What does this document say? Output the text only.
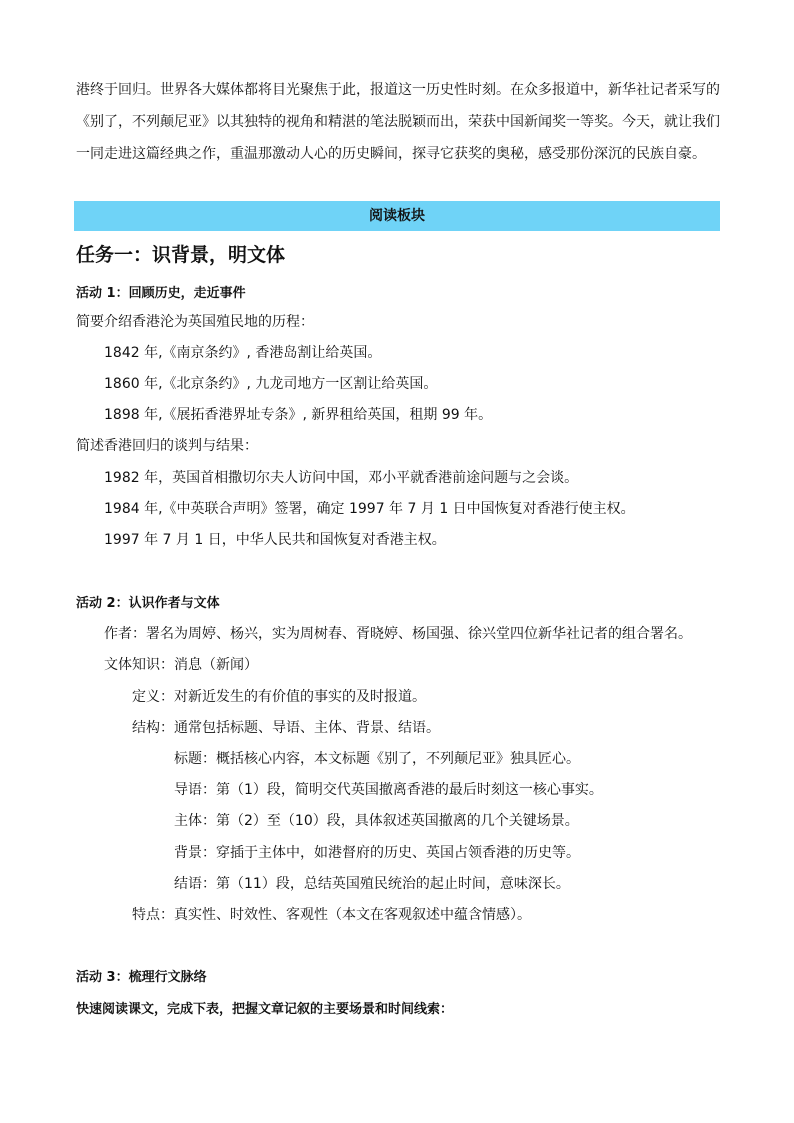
港终于回归。世界各大媒体都将目光聚焦于此，报道这一历史性时刻。在众多报道中，新华社记者采写的

《别了，不列颠尼亚》以其独特的视角和精湛的笔法脱颖而出，荣获中国新闻奖一等奖。今天，就让我们

一同走进这篇经典之作，重温那激动人心的历史瞬间，探寻它获奖的奥秘，感受那份深沉的民族自豪。

阅读板块
任务一：识背景，明文体
活动 1：回顾历史，走近事件
简要介绍香港沦为英国殖民地的历程：
1842 年,《南京条约》, 香港岛割让给英国。
1860 年,《北京条约》, 九龙司地方一区割让给英国。
1898 年,《展拓香港界址专条》, 新界租给英国，租期 99 年。
简述香港回归的谈判与结果：
1982 年，英国首相撒切尔夫人访问中国，邓小平就香港前途问题与之会谈。
1984 年,《中英联合声明》签署，确定 1997 年 7 月 1 日中国恢复对香港行使主权。
1997 年 7 月 1 日，中华人民共和国恢复对香港主权。
活动 2：认识作者与文体
作者：署名为周婷、杨兴，实为周树春、胥晓婷、杨国强、徐兴堂四位新华社记者的组合署名。
文体知识：消息（新闻）
定义：对新近发生的有价值的事实的及时报道。
结构：通常包括标题、导语、主体、背景、结语。
标题：概括核心内容，本文标题《别了，不列颠尼亚》独具匠心。
导语：第（1）段，简明交代英国撤离香港的最后时刻这一核心事实。
主体：第（2）至（10）段，具体叙述英国撤离的几个关键场景。
背景：穿插于主体中，如港督府的历史、英国占领香港的历史等。
结语：第（11）段，总结英国殖民统治的起止时间，意味深长。
特点：真实性、时效性、客观性（本文在客观叙述中蕴含情感）。
活动 3：梳理行文脉络
快速阅读课文，完成下表，把握文章记叙的主要场景和时间线索：
